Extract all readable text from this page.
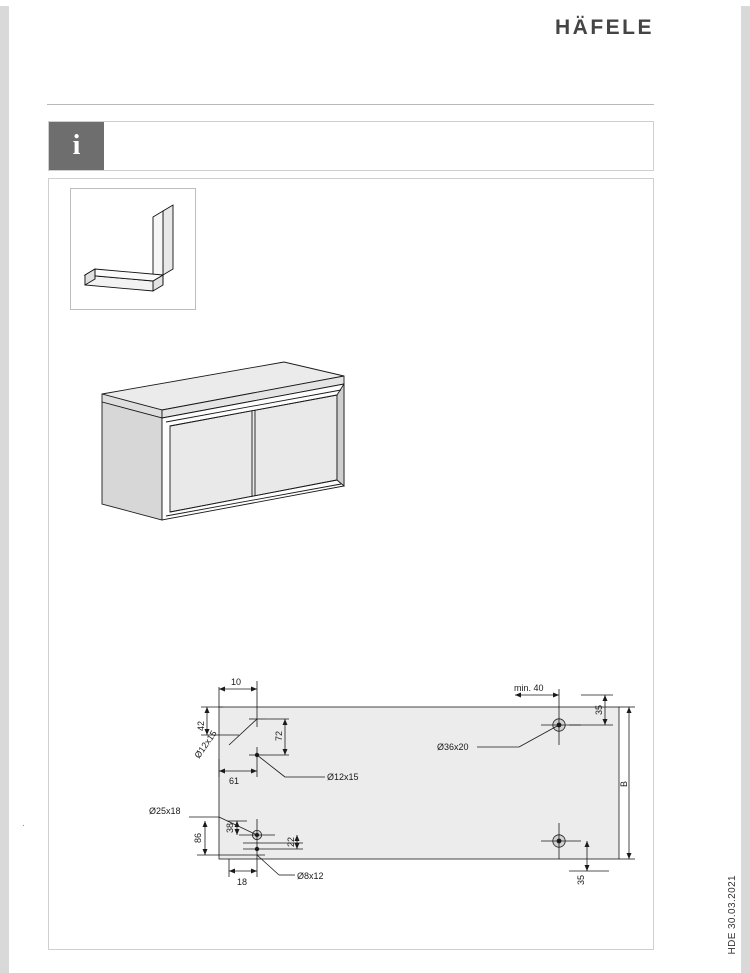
HÄFELE
i
10
42
Ø12x15	72
61	Ø12x15
Ø25x18
38
86	22
18
Ø8x12
min. 40
35
Ø36x20
B
35
.
HDE 30.03.2021
